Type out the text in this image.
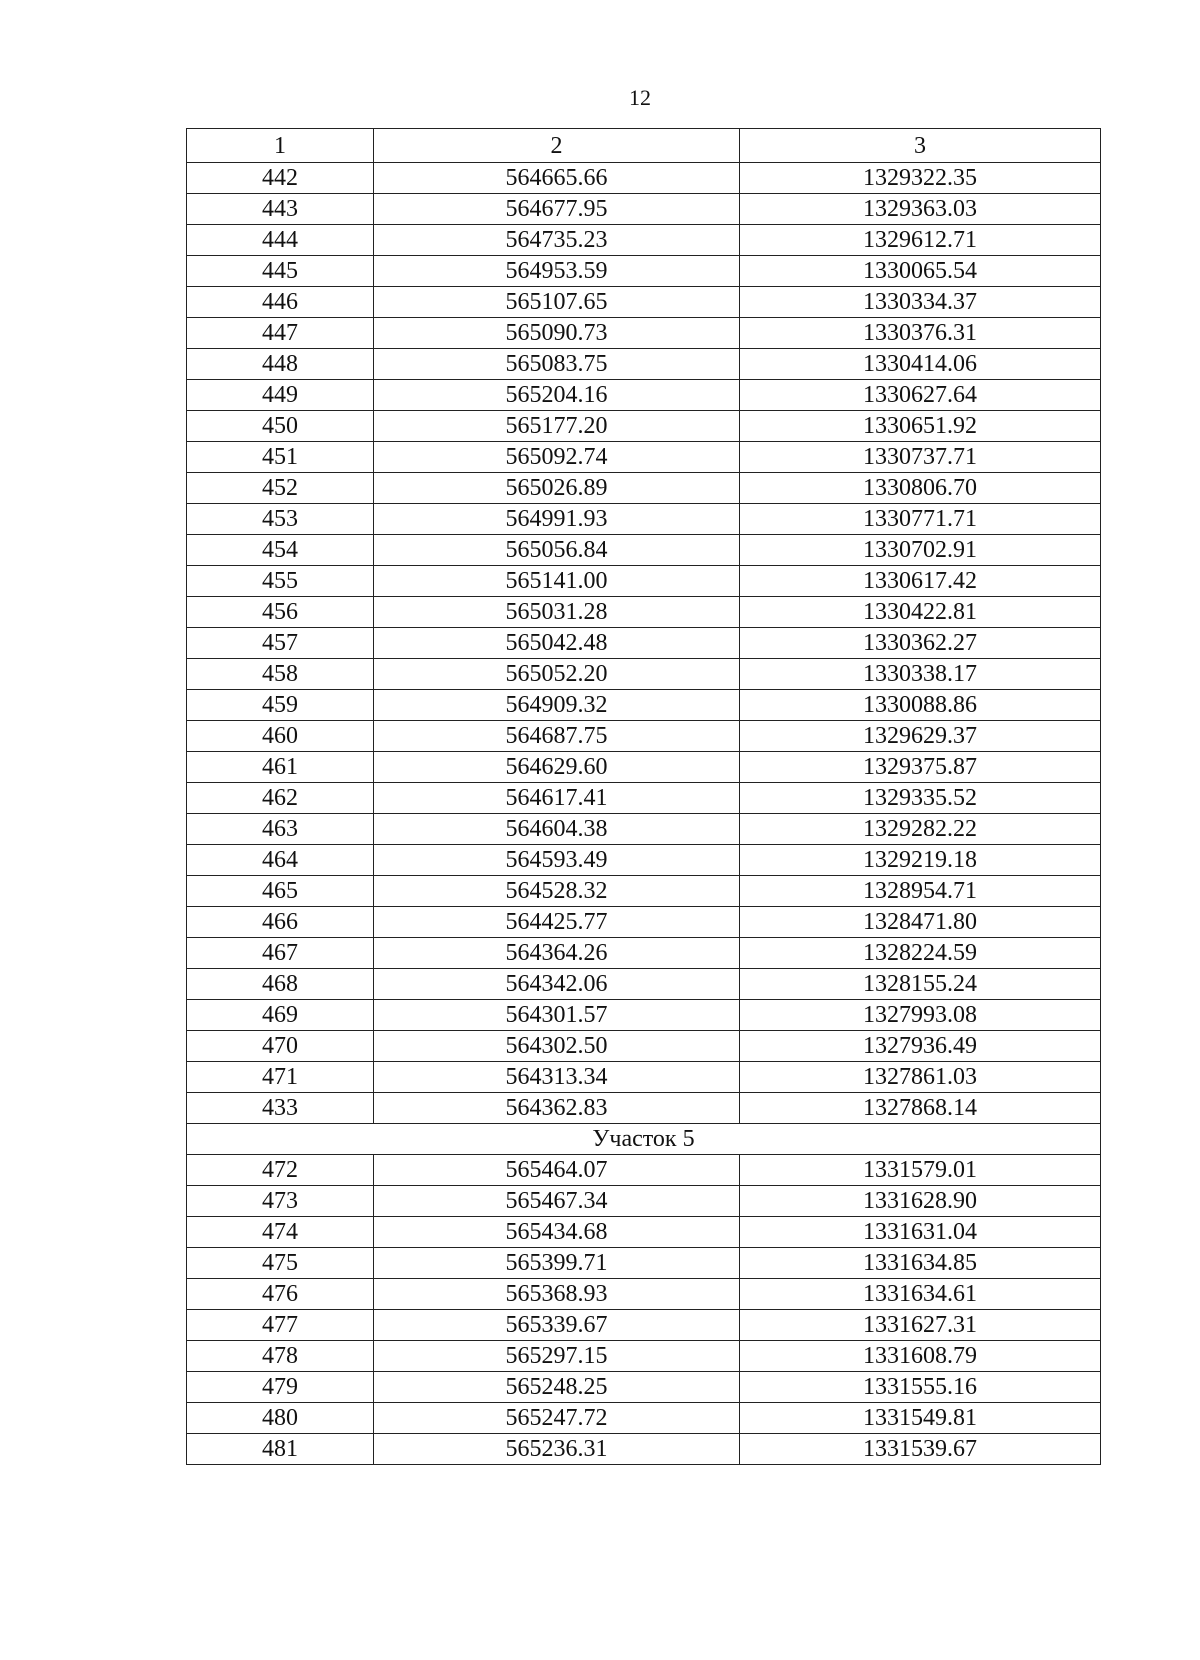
12
1	2	3
442	564665.66	1329322.35
443	564677.95	1329363.03
444	564735.23	1329612.71
445	564953.59	1330065.54
446	565107.65	1330334.37
447	565090.73	1330376.31
448	565083.75	1330414.06
449	565204.16	1330627.64
450	565177.20	1330651.92
451	565092.74	1330737.71
452	565026.89	1330806.70
453	564991.93	1330771.71
454	565056.84	1330702.91
455	565141.00	1330617.42
456	565031.28	1330422.81
457	565042.48	1330362.27
458	565052.20	1330338.17
459	564909.32	1330088.86
460	564687.75	1329629.37
461	564629.60	1329375.87
462	564617.41	1329335.52
463	564604.38	1329282.22
464	564593.49	1329219.18
465	564528.32	1328954.71
466	564425.77	1328471.80
467	564364.26	1328224.59
468	564342.06	1328155.24
469	564301.57	1327993.08
470	564302.50	1327936.49
471	564313.34	1327861.03
433	564362.83	1327868.14
Участок 5		
472	565464.07	1331579.01
473	565467.34	1331628.90
474	565434.68	1331631.04
475	565399.71	1331634.85
476	565368.93	1331634.61
477	565339.67	1331627.31
478	565297.15	1331608.79
479	565248.25	1331555.16
480	565247.72	1331549.81
481	565236.31	1331539.67
